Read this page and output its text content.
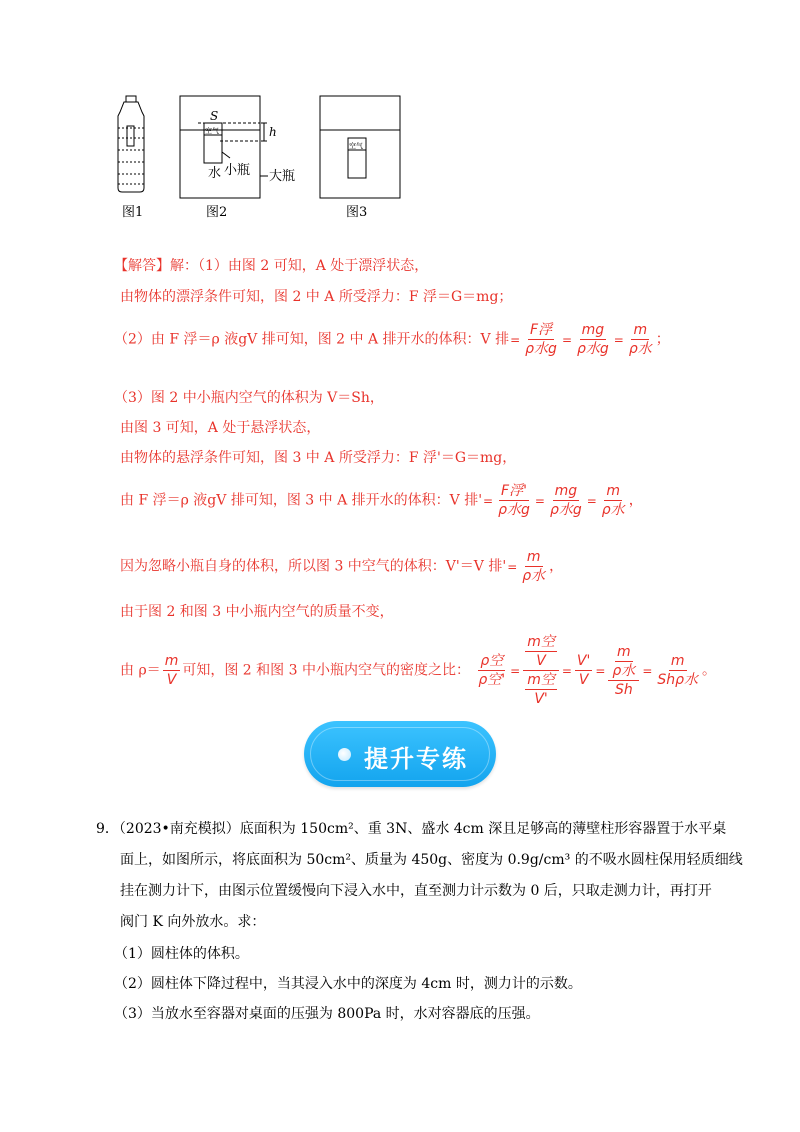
S
空气	h
水 小瓶 大瓶
空气
图1	图2	图3
【解答】解：（1）由图 2 可知，A 处于漂浮状态，
由物体的漂浮条件可知，图 2 中 A 所受浮力：F 浮＝G＝mg；
（2）由 F 浮＝ρ 液gV 排可知，图 2 中 A 排开水的体积：V 排= $\frac{\text{F浮}}{\text{ρ水g}} = \frac{mg}{\text{ρ水g}} = \frac{m}{\text{ρ水}}$ ；
（3）图 2 中小瓶内空气的体积为 V＝Sh，
由图 3 可知，A 处于悬浮状态，
由物体的悬浮条件可知，图 3 中 A 所受浮力：F 浮'＝G＝mg，
由 F 浮＝ρ 液gV 排可知，图 3 中 A 排开水的体积：V 排'= $\frac{\text{F浮'}}{\text{ρ水g}} = \frac{mg}{\text{ρ水g}} = \frac{m}{\text{ρ水}}$ ，
因为忽略小瓶自身的体积，所以图 3 中空气的体积：V'＝V 排'= $\frac{m}{\text{ρ水}}$ ，
由于图 2 和图 3 中小瓶内空气的质量不变，
由 $\rho= \frac{m}{V}$ 可知，图 2 和图 3 中小瓶内空气的密度之比： $\frac{\text{ρ空}}{\text{ρ空'}} = \frac{\frac{\text{m空}}{V}}{\frac{\text{m空}}{V'}} = \frac{V'}{V} = \frac{\frac{m}{\text{ρ水}}}{Sh} = \frac{m}{\text{Shρ水}}$ 。
提升专练
9．（2023•南充模拟）底面积为 150cm²、重 3N、盛水 4cm 深且足够高的薄壁柱形容器置于水平桌
面上，如图所示，将底面积为 50cm²、质量为 450g、密度为 0.9g/cm³ 的不吸水圆柱保用轻质细线
挂在测力计下，由图示位置缓慢向下浸入水中，直至测力计示数为 0 后，只取走测力计，再打开
阀门 K 向外放水。求：
（1）圆柱体的体积。
（2）圆柱体下降过程中，当其浸入水中的深度为 4cm 时，测力计的示数。
（3）当放水至容器对桌面的压强为 800Pa 时，水对容器底的压强。
